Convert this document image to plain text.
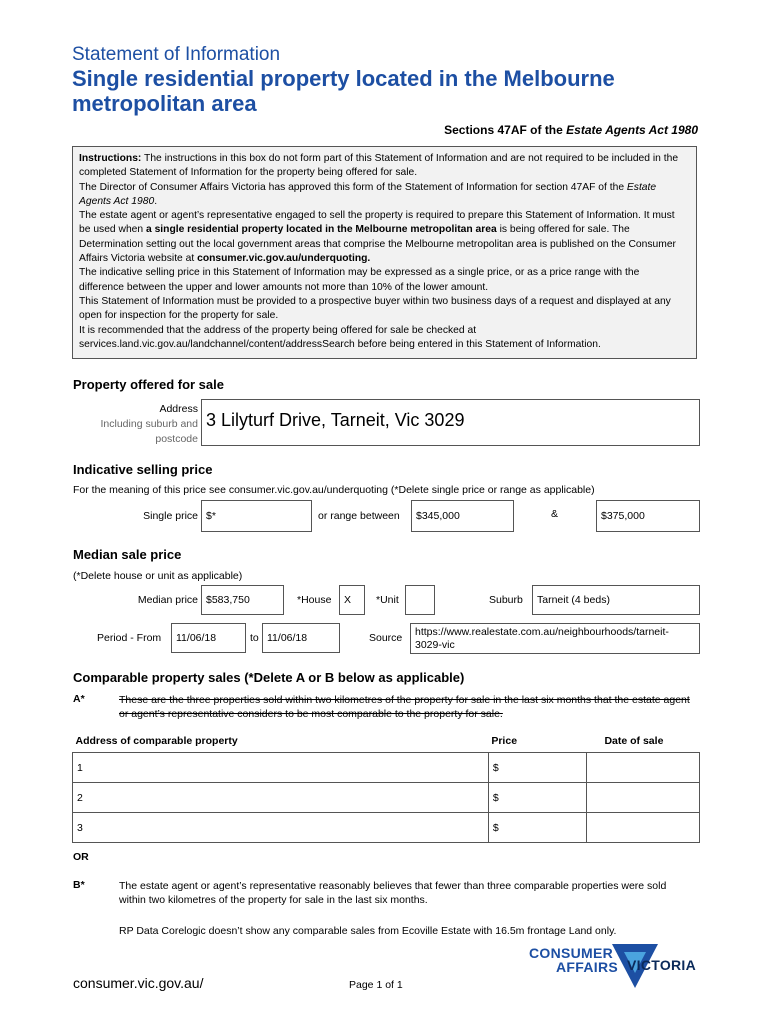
Statement of Information
Single residential property located in the Melbourne metropolitan area
Sections 47AF of the Estate Agents Act 1980

Instructions: The instructions in this box do not form part of this Statement of Information and are not required to be included in the completed Statement of Information for the property being offered for sale.

The Director of Consumer Affairs Victoria has approved this form of the Statement of Information for section 47AF of the Estate Agents Act 1980.

The estate agent or agent’s representative engaged to sell the property is required to prepare this Statement of Information. It must be used when a single residential property located in the Melbourne metropolitan area is being offered for sale. The Determination setting out the local government areas that comprise the Melbourne metropolitan area is published on the Consumer Affairs Victoria website at consumer.vic.gov.au/underquoting.

The indicative selling price in this Statement of Information may be expressed as a single price, or as a price range with the difference between the upper and lower amounts not more than 10% of the lower amount.

This Statement of Information must be provided to a prospective buyer within two business days of a request and displayed at any open for inspection for the property for sale.

It is recommended that the address of the property being offered for sale be checked at services.land.vic.gov.au/landchannel/content/addressSearch before being entered in this Statement of Information.

Property offered for sale
Address
Including suburb and
postcode
3 Lilyturf Drive, Tarneit, Vic 3029
Indicative selling price
For the meaning of this price see consumer.vic.gov.au/underquoting (*Delete single price or range as applicable)
Single price $*	or range between	$345,000	&	$375,000
Median sale price
(*Delete house or unit as applicable)
Median price $583,750	*House	X	*Unit	Suburb	Tarneit (4 beds)
Period - From	11/06/18	to 11/06/18	Source	https://www.realestate.com.au/neighbourhoods/tarneit-3029-vic
Comparable property sales (*Delete A or B below as applicable)
A*	These are the three properties sold within two kilometres of the property for sale in the last six months that the estate agent or agent’s representative considers to be most comparable to the property for sale.
Address of comparable property	Price	Date of sale
1	$	
2	$	
3	$	
OR
B*	The estate agent or agent’s representative reasonably believes that fewer than three comparable properties were sold within two kilometres of the property for sale in the last six months.
RP Data Corelogic doesn’t show any comparable sales from Ecoville Estate with 16.5m frontage Land only.
consumer.vic.gov.au/	Page 1 of 1
CONSUMER
AFFAIRS VICTORIA
